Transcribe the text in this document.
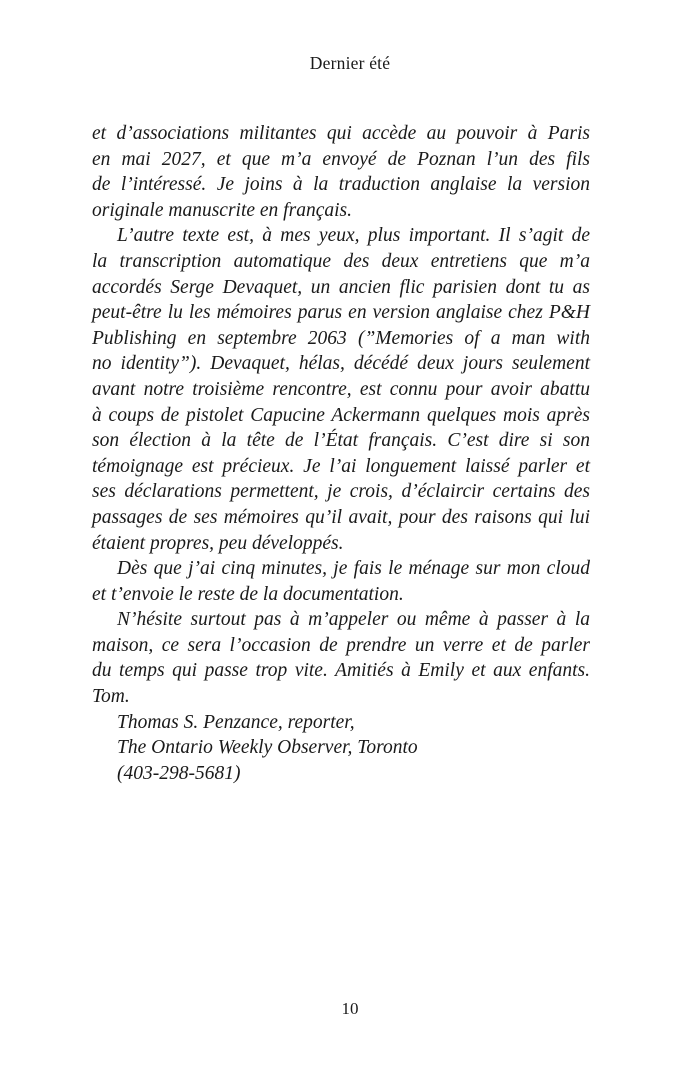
Dernier été
et d’associations militantes qui accède au pouvoir à Paris
en mai 2027, et que m’a envoyé de Poznan l’un des fils
de l’intéressé. Je joins à la traduction anglaise la version
originale manuscrite en français.
L’autre texte est, à mes yeux, plus important. Il s’agit de
la transcription automatique des deux entretiens que m’a
accordés Serge Devaquet, un ancien flic parisien dont tu as
peut-être lu les mémoires parus en version anglaise chez P&H
Publishing en septembre 2063 (”Memories of a man with
no identity”). Devaquet, hélas, décédé deux jours seulement
avant notre troisième rencontre, est connu pour avoir abattu
à coups de pistolet Capucine Ackermann quelques mois après
son élection à la tête de l’État français. C’est dire si son
témoignage est précieux. Je l’ai longuement laissé parler et
ses déclarations permettent, je crois, d’éclaircir certains des
passages de ses mémoires qu’il avait, pour des raisons qui lui
étaient propres, peu développés.
Dès que j’ai cinq minutes, je fais le ménage sur mon cloud
et t’envoie le reste de la documentation.
N’hésite surtout pas à m’appeler ou même à passer à la
maison, ce sera l’occasion de prendre un verre et de parler
du temps qui passe trop vite. Amitiés à Emily et aux enfants.
Tom.
Thomas S. Penzance, reporter,
The Ontario Weekly Observer, Toronto
(403-298-5681)
10
